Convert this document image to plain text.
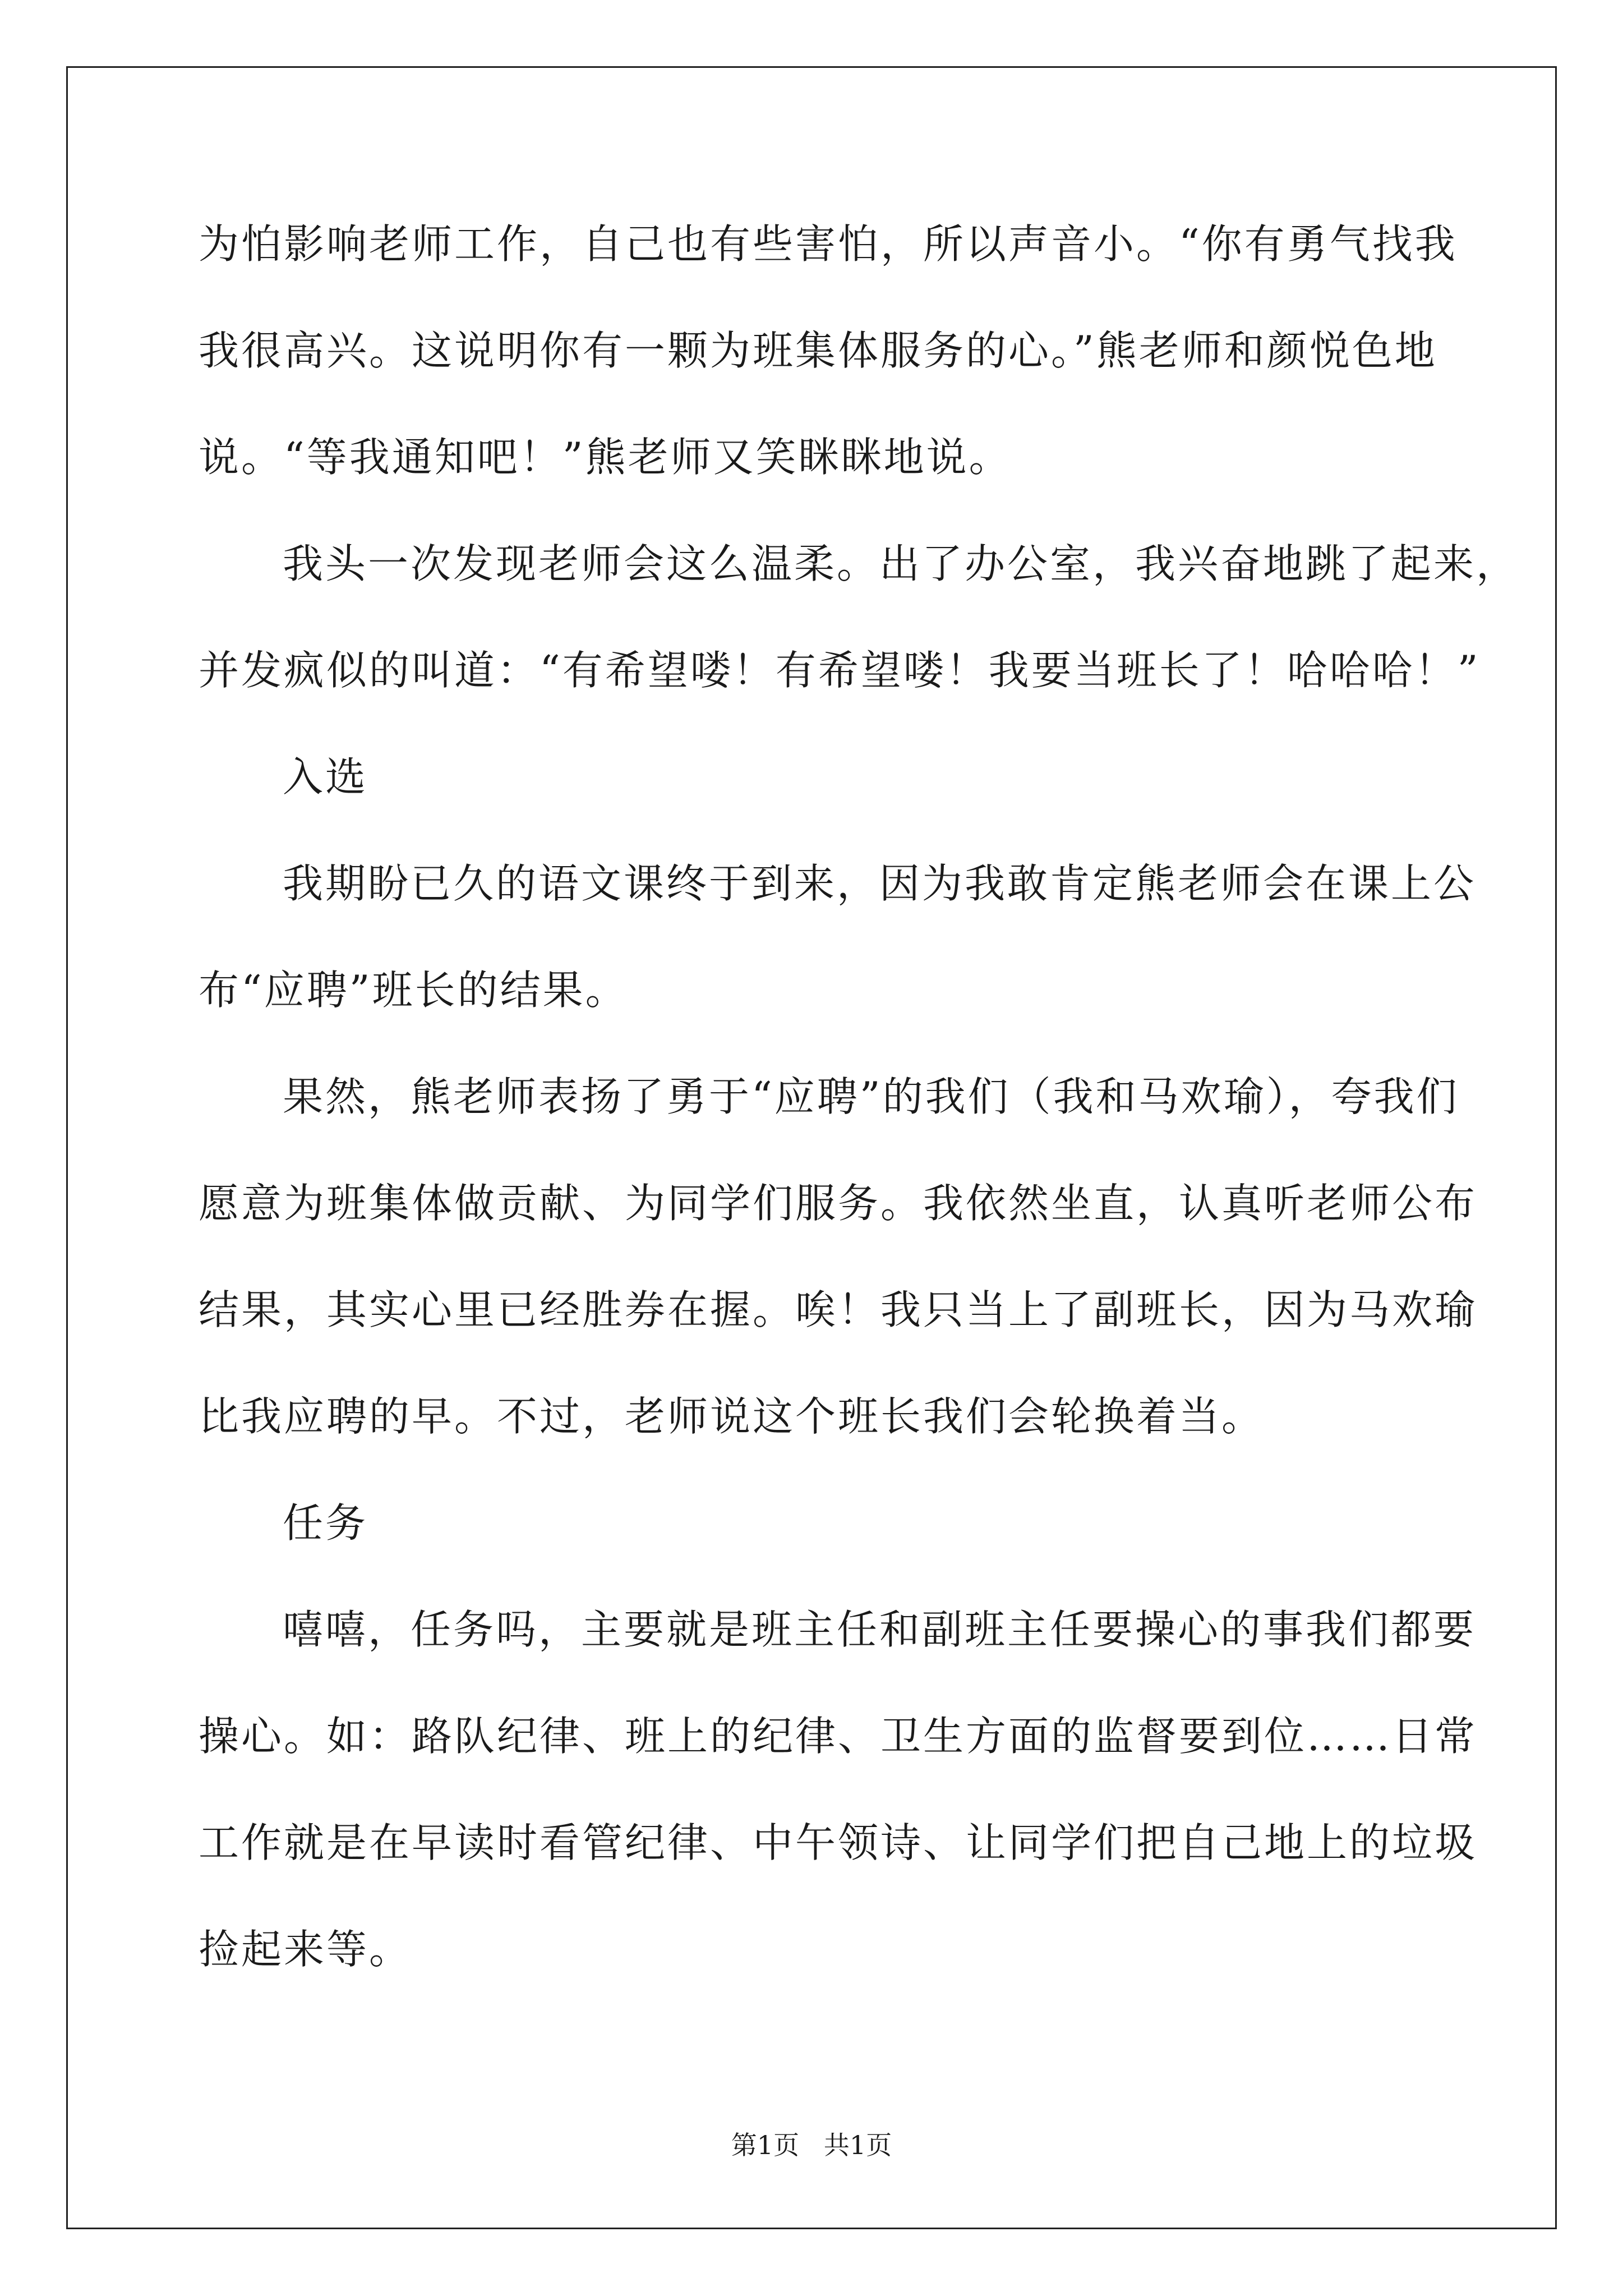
为怕影响老师工作，自己也有些害怕，所以声音小。“你有勇气找我
我很高兴。这说明你有一颗为班集体服务的心。”熊老师和颜悦色地
说。“等我通知吧！”熊老师又笑眯眯地说。
我头一次发现老师会这么温柔。出了办公室，我兴奋地跳了起来，
并发疯似的叫道：“有希望喽！有希望喽！我要当班长了！哈哈哈！”
入选
我期盼已久的语文课终于到来，因为我敢肯定熊老师会在课上公
布“应聘”班长的结果。
果然，熊老师表扬了勇于“应聘”的我们（我和马欢瑜），夸我们
愿意为班集体做贡献、为同学们服务。我依然坐直，认真听老师公布
结果，其实心里已经胜券在握。唉！我只当上了副班长，因为马欢瑜
比我应聘的早。不过，老师说这个班长我们会轮换着当。
任务
嘻嘻，任务吗，主要就是班主任和副班主任要操心的事我们都要
操心。如：路队纪律、班上的纪律、卫生方面的监督要到位……日常
工作就是在早读时看管纪律、中午领诗、让同学们把自己地上的垃圾
捡起来等。
第1页   共1页
